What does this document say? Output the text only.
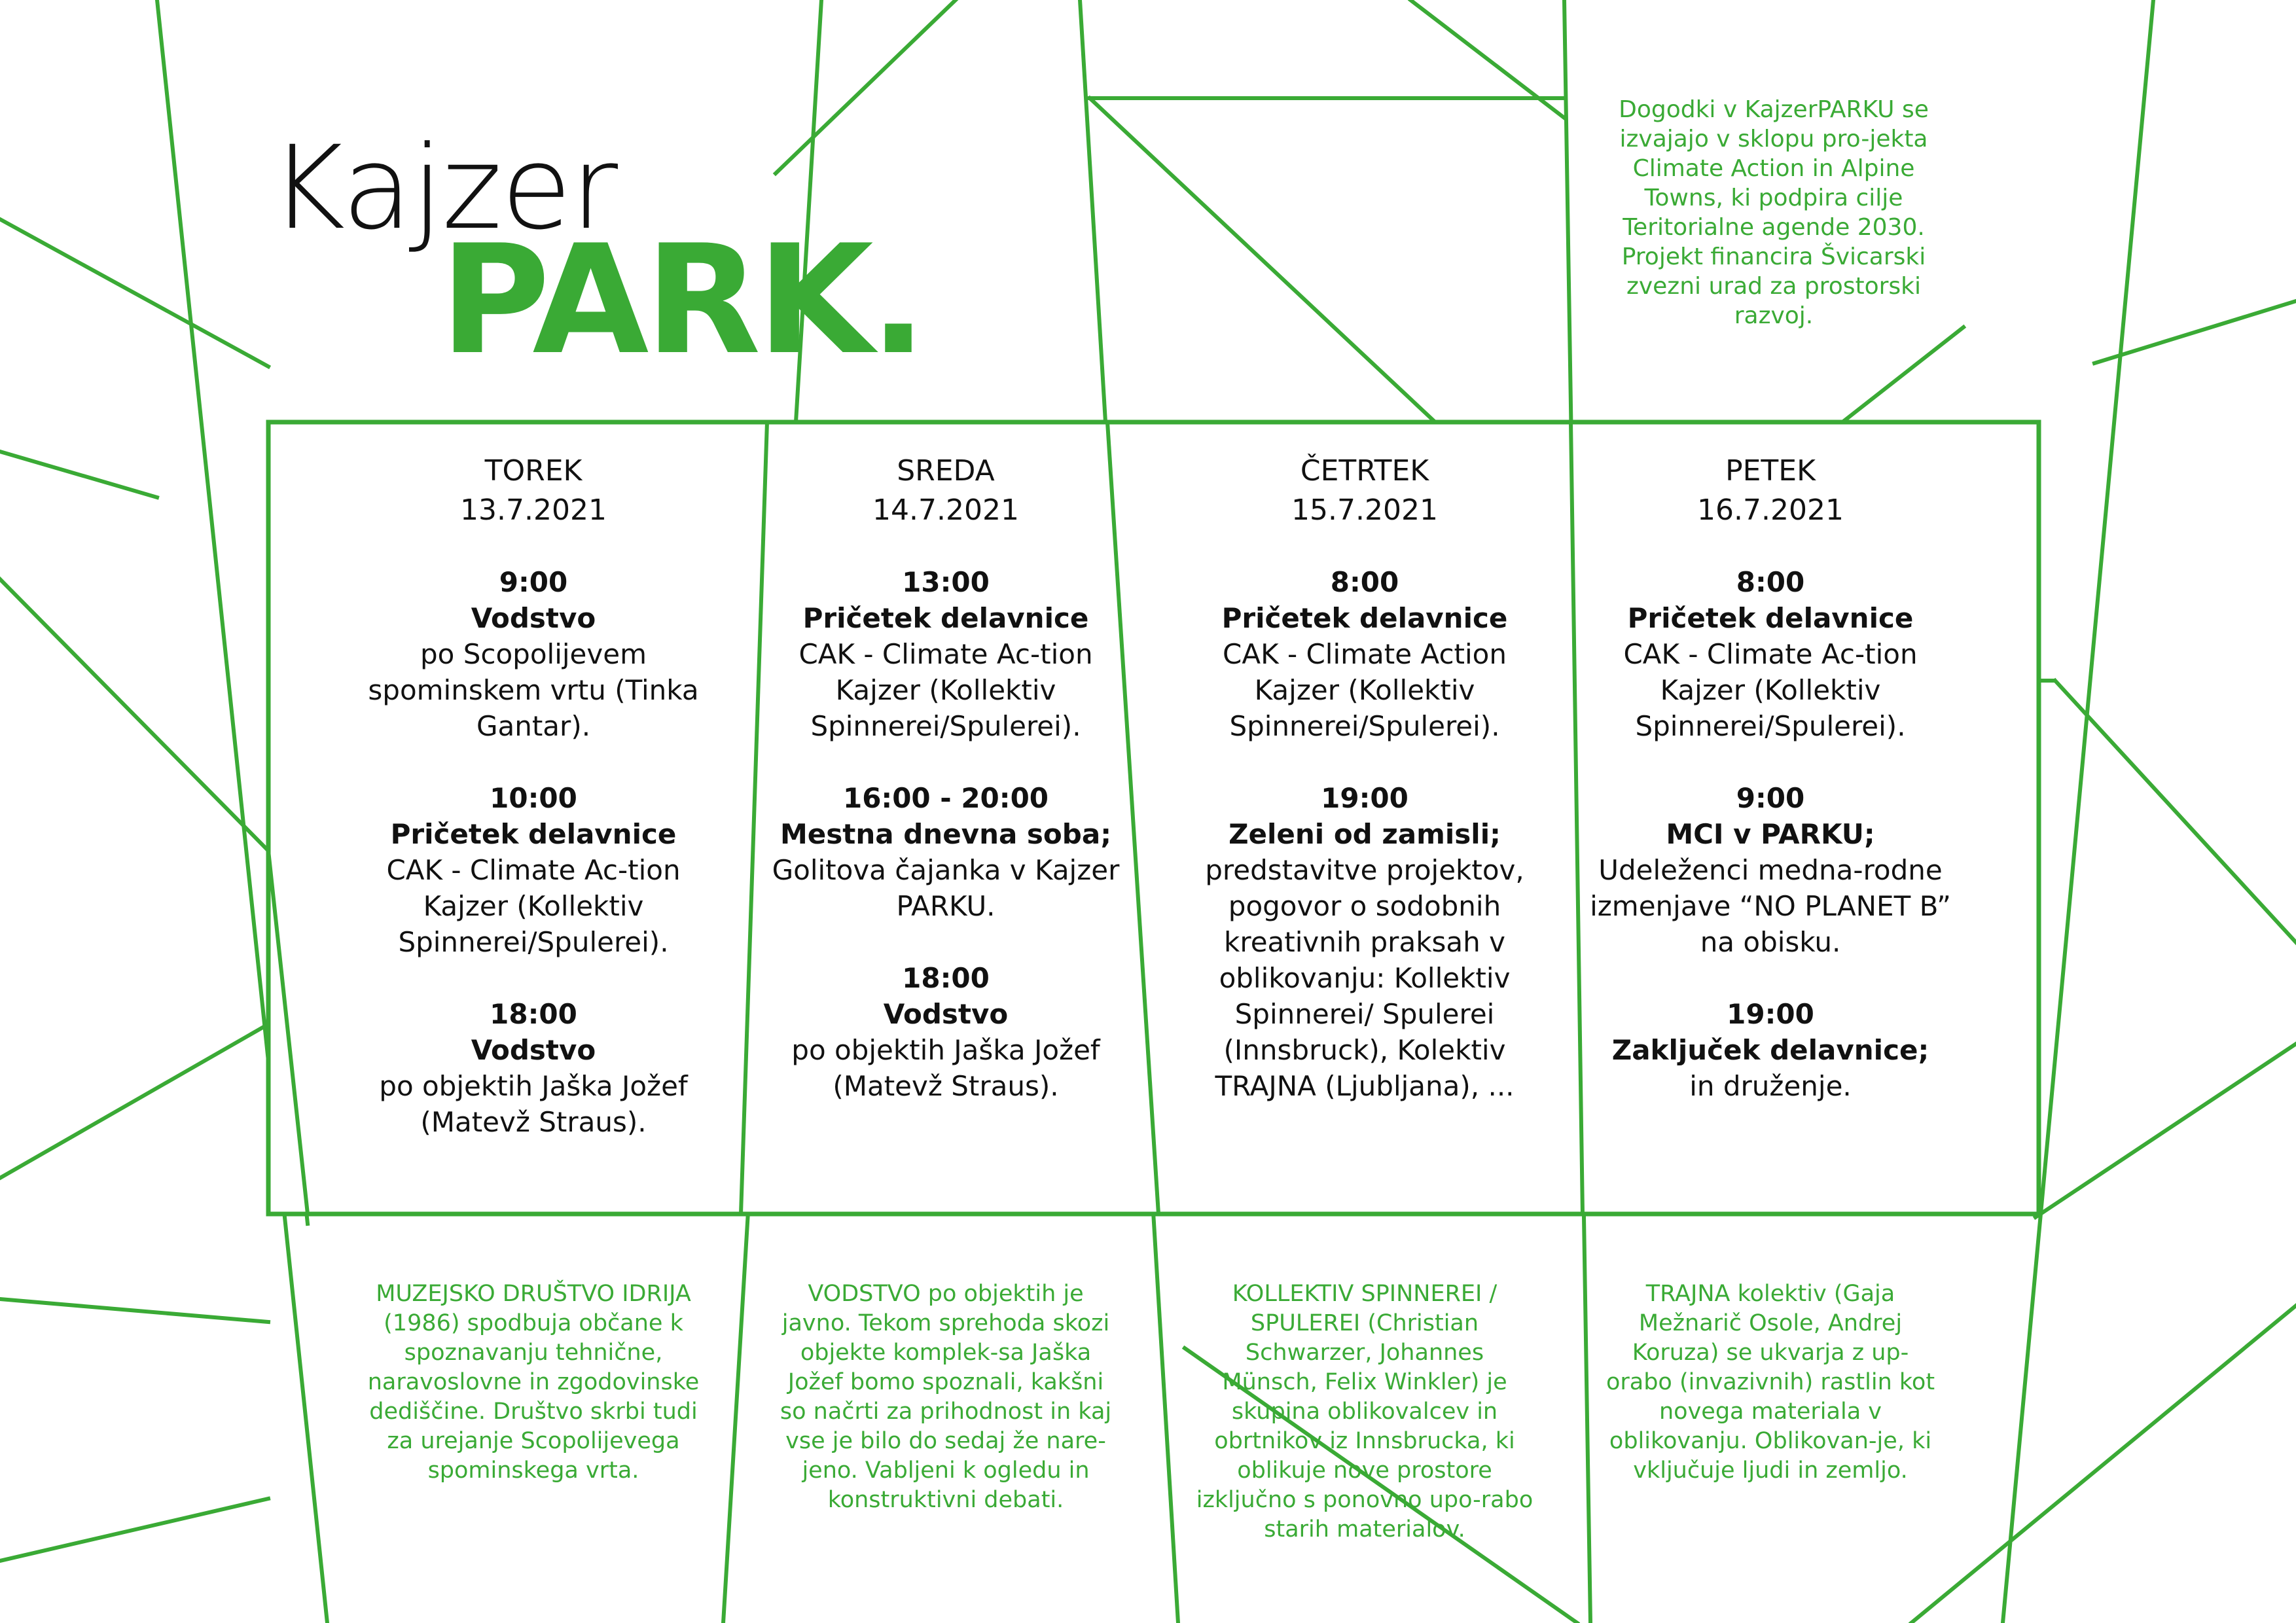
Kajzer
PARK.
Dogodki v KajzerPARKU se izvajajo v sklopu pro-jekta Climate Action in Alpine Towns, ki podpira cilje Teritorialne agende 2030. Projekt financira Švicarski zvezni urad za prostorski razvoj.
TOREK
13.7.2021
9:00
Vodstvo
po Scopolijevem spominskem vrtu (Tinka Gantar).
10:00
Pričetek delavnice
CAK - Climate Ac-tion Kajzer (Kollektiv Spinnerei/Spulerei).
18:00
Vodstvo
po objektih Jaška Jožef (Matevž Straus).
SREDA
14.7.2021
13:00
Pričetek delavnice
CAK - Climate Ac-tion Kajzer (Kollektiv Spinnerei/Spulerei).
16:00 - 20:00
Mestna dnevna soba;
Golitova čajanka v Kajzer PARKU.
18:00
Vodstvo
po objektih Jaška Jožef (Matevž Straus).
ČETRTEK
15.7.2021
8:00
Pričetek delavnice
CAK - Climate Action Kajzer (Kollektiv Spinnerei/Spulerei).
19:00
Zeleni od zamisli;
predstavitve projektov, pogovor o sodobnih kreativnih praksah v oblikovanju: Kollektiv Spinnerei/ Spulerei (Innsbruck), Kolektiv TRAJNA (Ljubljana), ...
PETEK
16.7.2021
8:00
Pričetek delavnice
CAK - Climate Ac-tion Kajzer (Kollektiv Spinnerei/Spulerei).
9:00
MCI v PARKU;
Udeleženci medna-rodne izmenjave “NO PLANET B” na obisku.
19:00
Zaključek delavnice;
in druženje.
MUZEJSKO DRUŠTVO IDRIJA (1986) spodbuja občane k spoznavanju tehnične, naravoslovne in zgodovinske dediščine. Društvo skrbi tudi za urejanje Scopolijevega spominskega vrta.
VODSTVO po objektih je javno. Tekom sprehoda skozi objekte komplek-sa Jaška Jožef bomo spoznali, kakšni so načrti za prihodnost in kaj vse je bilo do sedaj že nare-jeno. Vabljeni k ogledu in konstruktivni debati.
KOLLEKTIV SPINNEREI / SPULEREI (Christian Schwarzer, Johannes Münsch, Felix Winkler) je skupina oblikovalcev in obrtnikov iz Innsbrucka, ki oblikuje nove prostore izključno s ponovno upo-rabo starih materialov.
TRAJNA kolektiv (Gaja Mežnarič Osole, Andrej Koruza) se ukvarja z up-orabo (invazivnih) rastlin kot novega materiala v oblikovanju. Oblikovan-je, ki vključuje ljudi in zemljo.
